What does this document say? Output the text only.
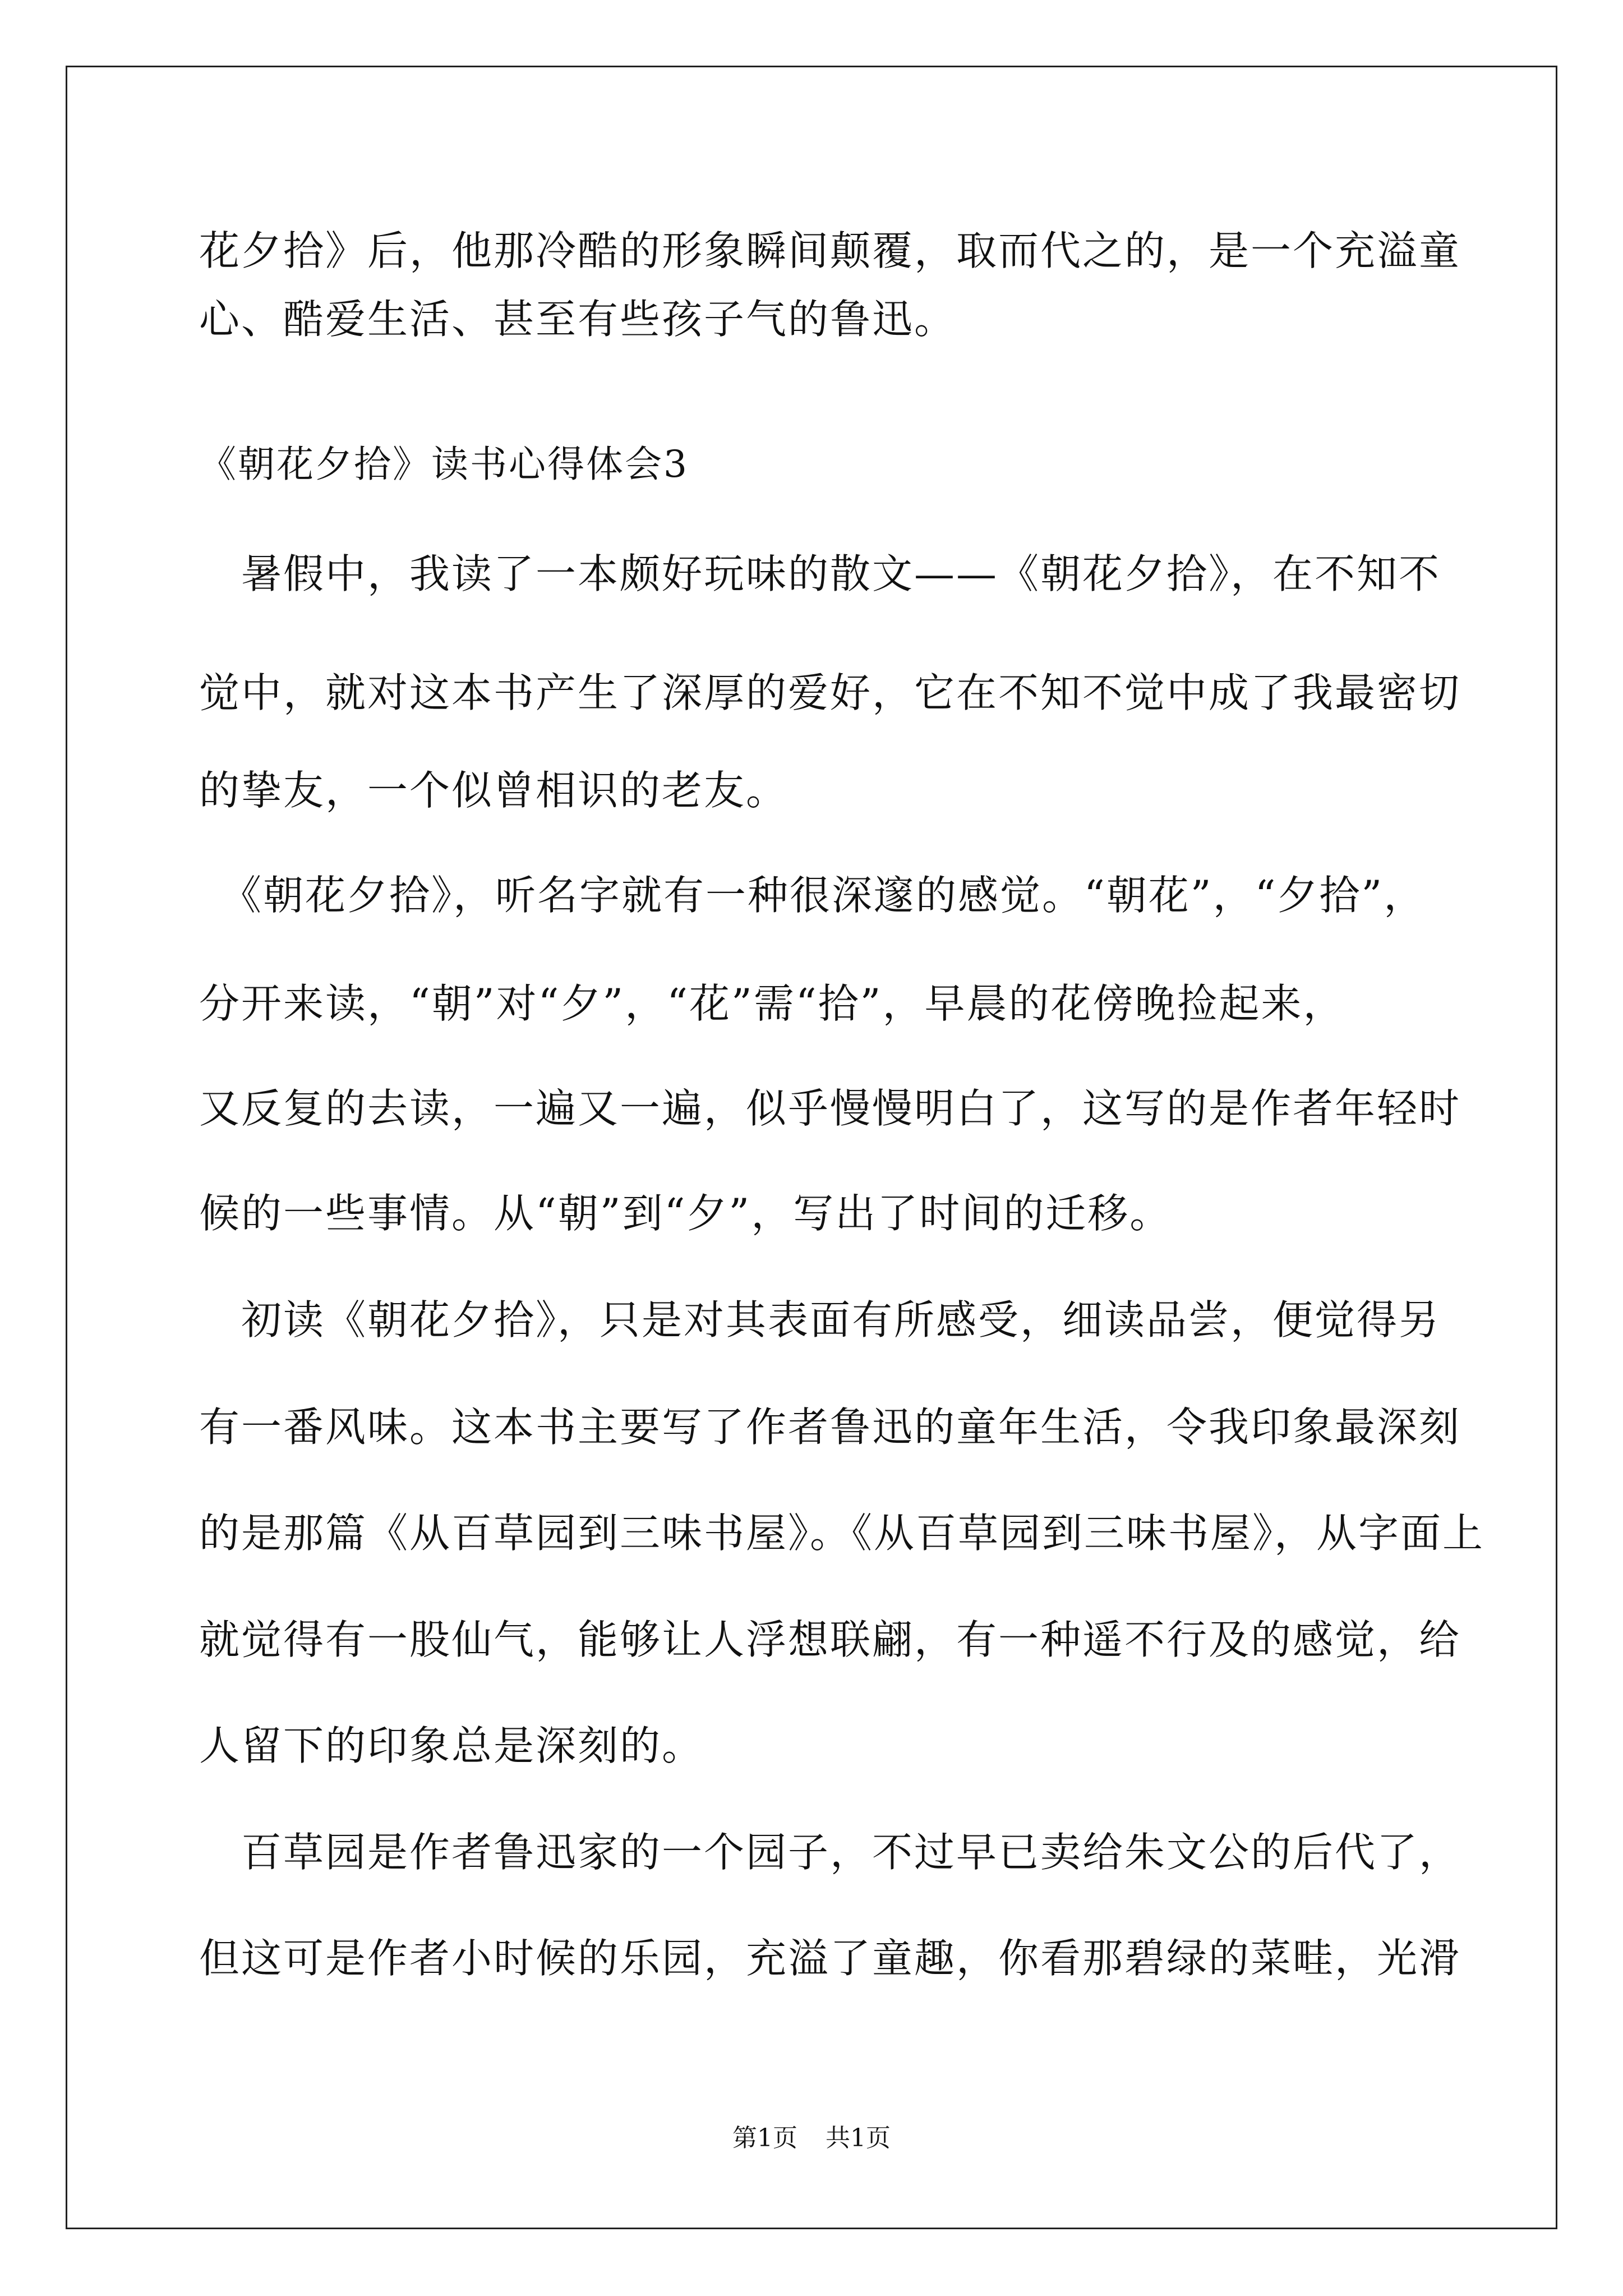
花夕拾》后，他那冷酷的形象瞬间颠覆，取而代之的，是一个充溢童
心、酷爱生活、甚至有些孩子气的鲁迅。
《朝花夕拾》读书心得体会3
　暑假中，我读了一本颇好玩味的散文——《朝花夕拾》，在不知不
觉中，就对这本书产生了深厚的爱好，它在不知不觉中成了我最密切
的挚友，一个似曾相识的老友。
　《朝花夕拾》，听名字就有一种很深邃的感觉。“朝花”，“夕拾”，
分开来读，“朝”对“夕”，“花”需“拾”，早晨的花傍晚捡起来，
又反复的去读，一遍又一遍，似乎慢慢明白了，这写的是作者年轻时
候的一些事情。从“朝”到“夕”，写出了时间的迁移。
　初读《朝花夕拾》，只是对其表面有所感受，细读品尝，便觉得另
有一番风味。这本书主要写了作者鲁迅的童年生活，令我印象最深刻
的是那篇《从百草园到三味书屋》。《从百草园到三味书屋》，从字面上
就觉得有一股仙气，能够让人浮想联翩，有一种遥不行及的感觉，给
人留下的印象总是深刻的。
　百草园是作者鲁迅家的一个园子，不过早已卖给朱文公的后代了，
但这可是作者小时候的乐园，充溢了童趣，你看那碧绿的菜畦，光滑
第1页 共1页
